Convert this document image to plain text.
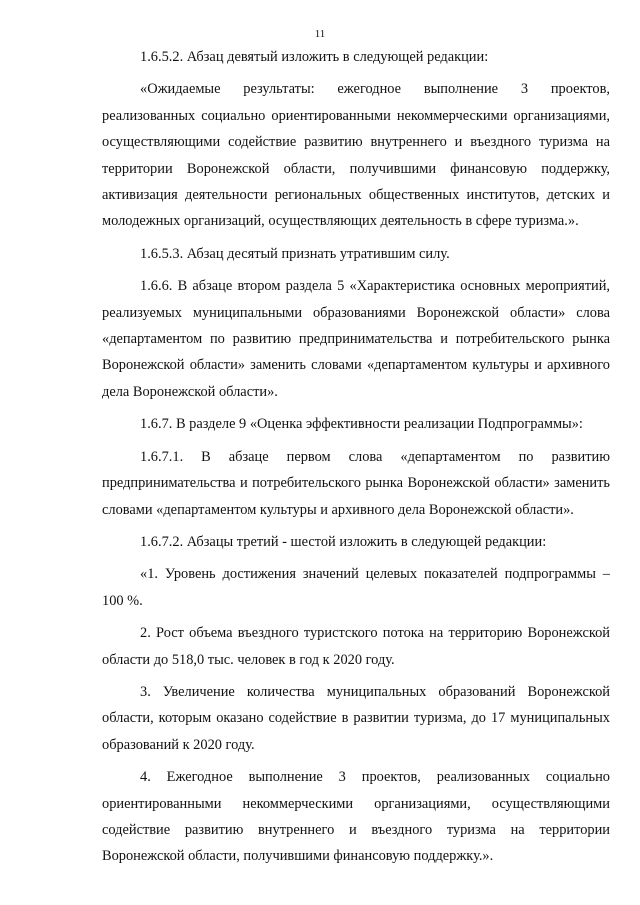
11

1.6.5.2. Абзац девятый изложить в следующей редакции:

«Ожидаемые результаты: ежегодное выполнение 3 проектов, реализованных социально ориентированными некоммерческими организациями, осуществляющими содействие развитию внутреннего и въездного туризма на территории Воронежской области, получившими финансовую поддержку, активизация деятельности региональных общественных институтов, детских и молодежных организаций, осуществляющих деятельность в сфере туризма.».

1.6.5.3. Абзац десятый признать утратившим силу.

1.6.6. В абзаце втором раздела 5 «Характеристика основных мероприятий, реализуемых муниципальными образованиями Воронежской области» слова «департаментом по развитию предпринимательства и потребительского рынка Воронежской области» заменить словами «департаментом культуры и архивного дела Воронежской области».

1.6.7. В разделе 9 «Оценка эффективности реализации Подпрограммы»:

1.6.7.1. В абзаце первом слова «департаментом по развитию предпринимательства и потребительского рынка Воронежской области» заменить словами «департаментом культуры и архивного дела Воронежской области».

1.6.7.2. Абзацы третий - шестой изложить в следующей редакции:

«1. Уровень достижения значений целевых показателей подпрограммы – 100 %.

2. Рост объема въездного туристского потока на территорию Воронежской области до 518,0 тыс. человек в год к 2020 году.

3. Увеличение количества муниципальных образований Воронежской области, которым оказано содействие в развитии туризма, до 17 муниципальных образований к 2020 году.

4. Ежегодное выполнение 3 проектов, реализованных социально ориентированными некоммерческими организациями, осуществляющими содействие развитию внутреннего и въездного туризма на территории Воронежской области, получившими финансовую поддержку.».
